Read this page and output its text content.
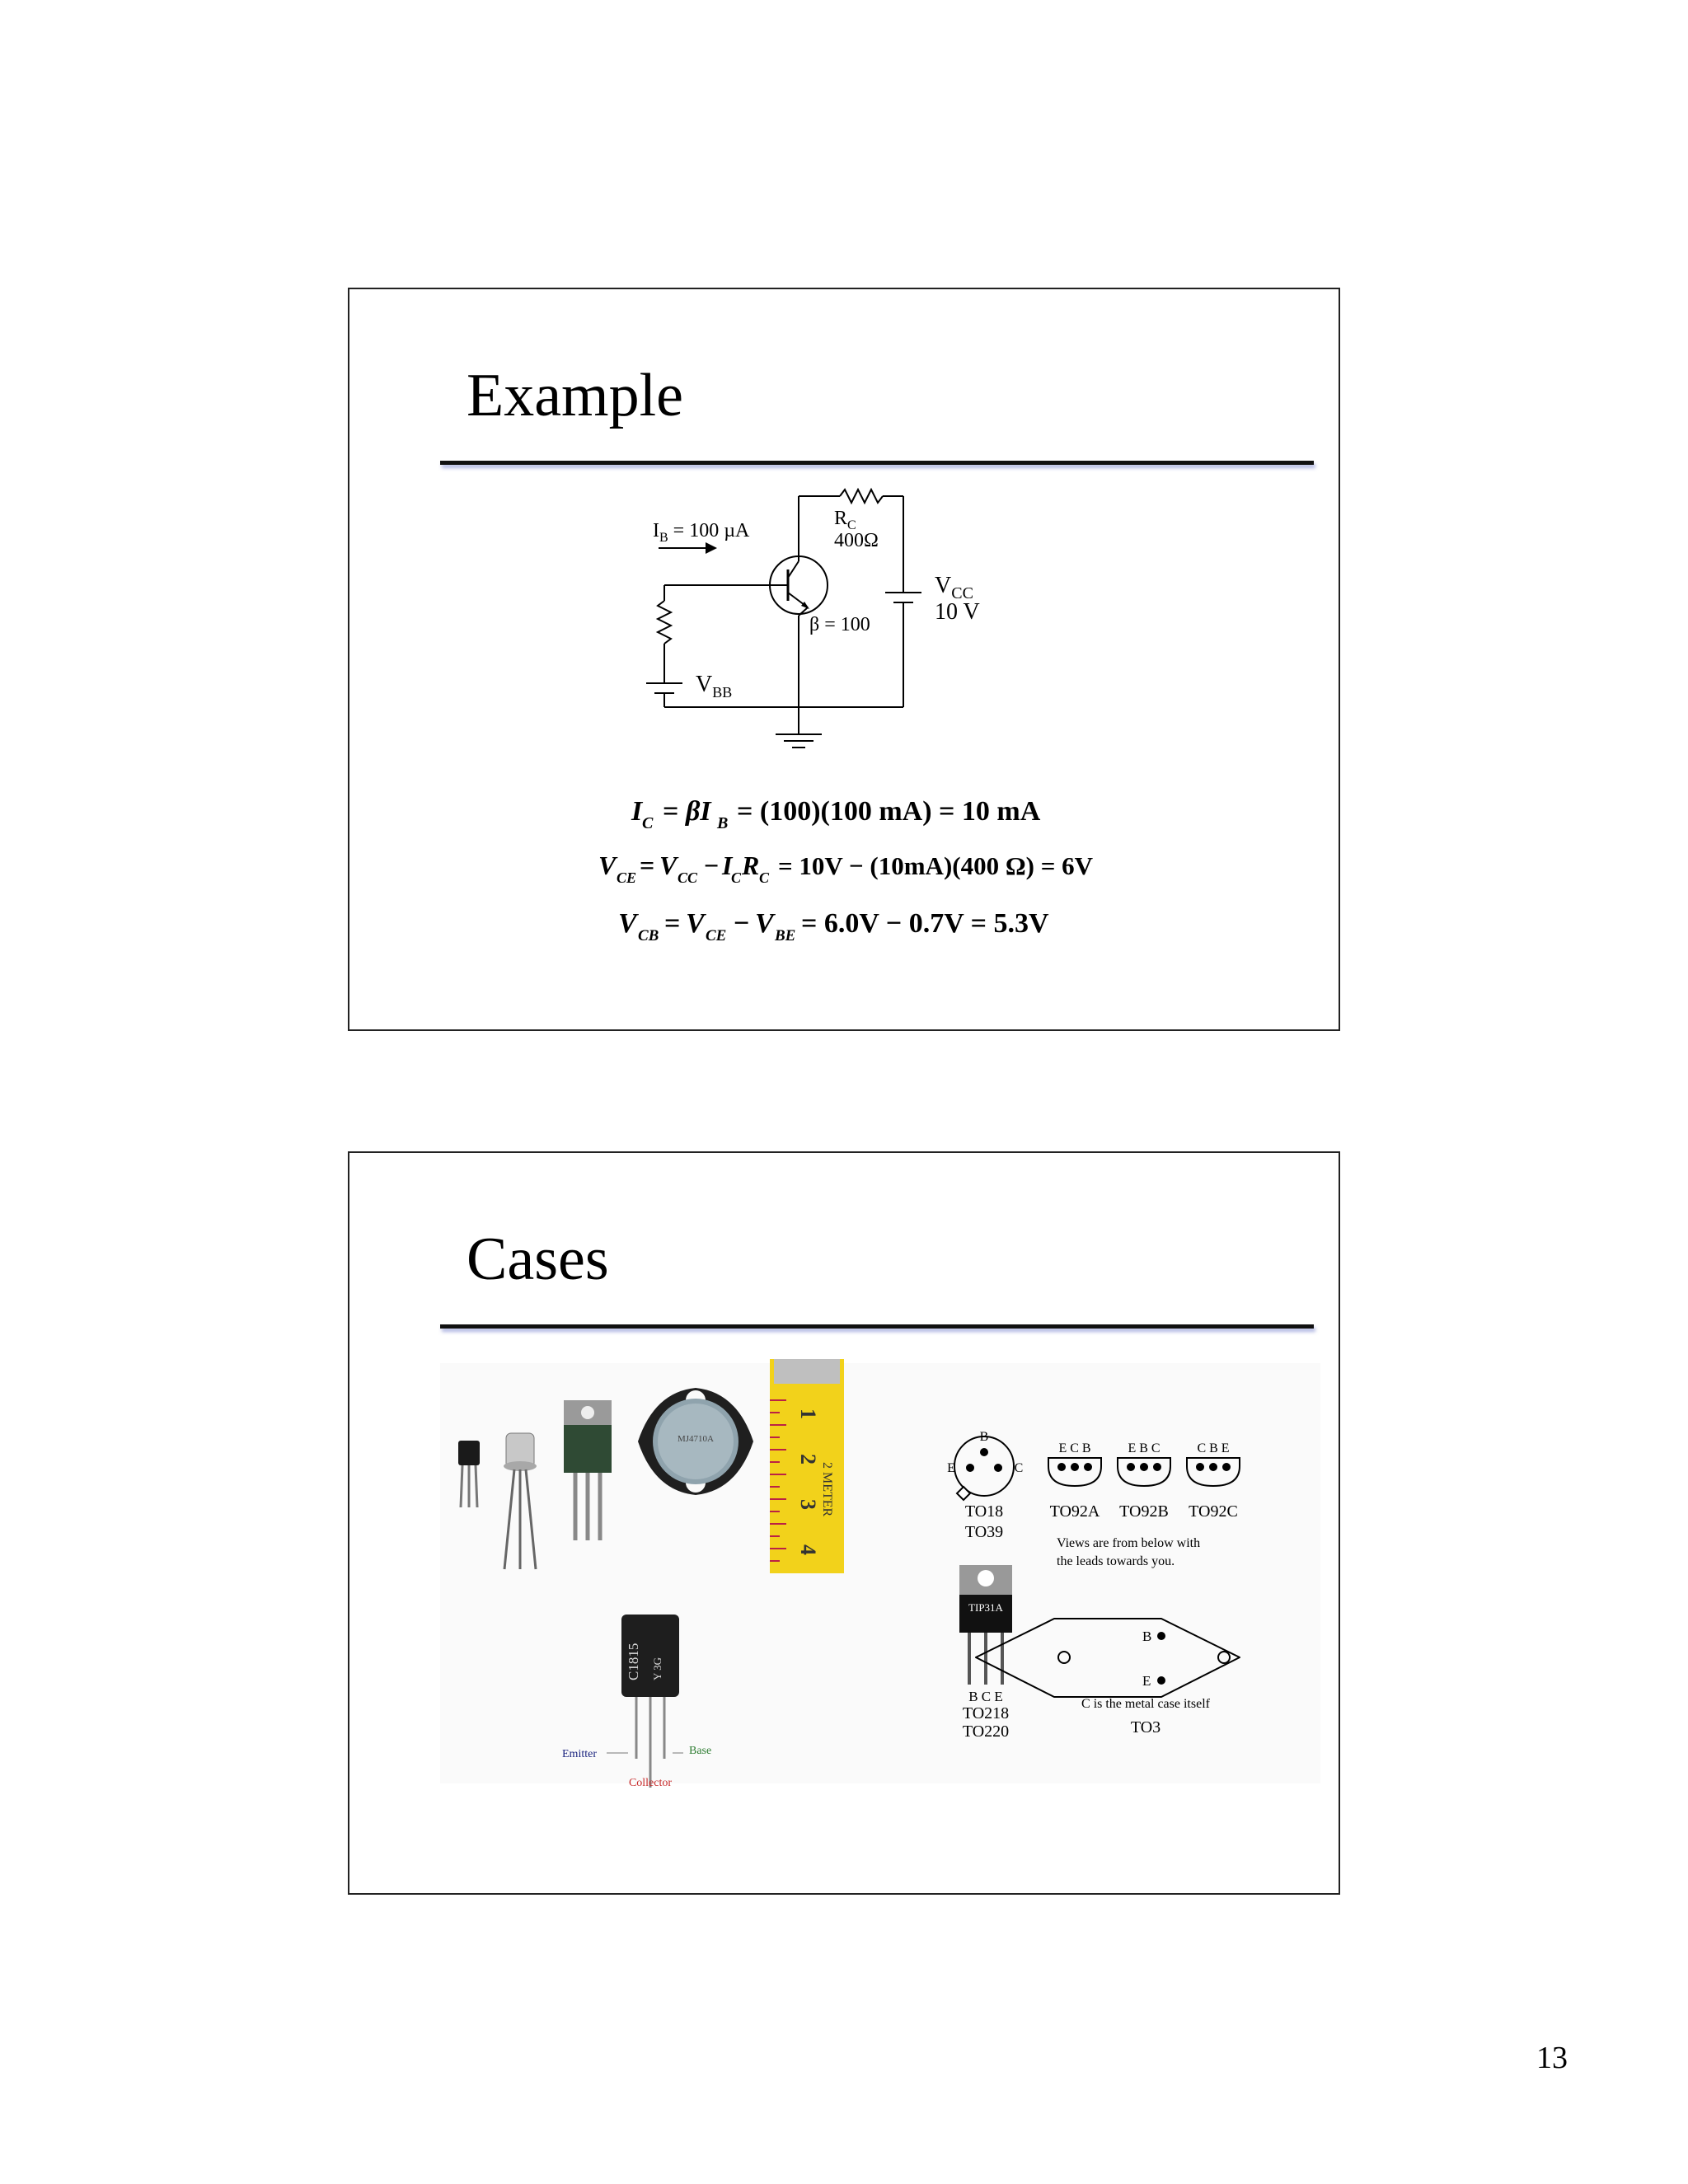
Example
$I_B = 100$ µA
$R_C$
400Ω
$V_{CC}$
10 V
β = 100
$V_{BB}$
I C = βI B = (100)(100 mA) = 10 mA
V CE = V CC − I
C R C = 10V − (10mA)(400 Ω) = 6V
V CB = V CE − V BE = 6.0V − 0.7V = 5.3V
Cases
MJ4710A
1
2
3
4
2 METER
C1815 Y 3G
Emitter	Base
Collector
B
E	C
TO18
TO39
E C B	E B C	C B E
TO92A TO92B TO92C
Views are from below with
the leads towards you.
TIP31A
B C E
TO218
TO220
B
E
C is the metal case itself
TO3
13
